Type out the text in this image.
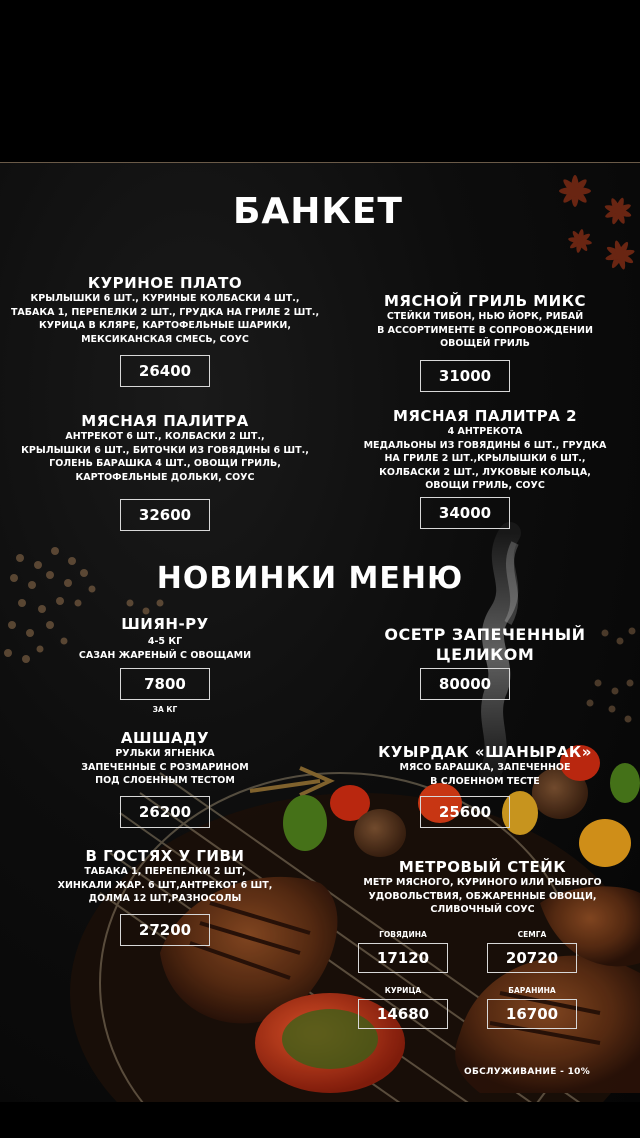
БАНКЕТ
КУРИНОЕ ПЛАТО
КРЫЛЫШКИ 6 ШТ., КУРИНЫЕ КОЛБАСКИ 4 ШТ.,
ТАБАКА 1, ПЕРЕПЕЛКИ 2 ШТ., ГРУДКА НА ГРИЛЕ 2 ШТ.,
КУРИЦА В КЛЯРЕ, КАРТОФЕЛЬНЫЕ ШАРИКИ,
МЕКСИКАНСКАЯ СМЕСЬ, СОУС
26400
МЯСНОЙ ГРИЛЬ МИКС
СТЕЙКИ ТИБОН, НЬЮ ЙОРК, РИБАЙ
В АССОРТИМЕНТЕ В СОПРОВОЖДЕНИИ
ОВОЩЕЙ ГРИЛЬ
31000
МЯСНАЯ ПАЛИТРА
АНТРЕКОТ 6 ШТ., КОЛБАСКИ 2 ШТ.,
КРЫЛЫШКИ 6 ШТ., БИТОЧКИ ИЗ ГОВЯДИНЫ 6 ШТ.,
ГОЛЕНЬ БАРАШКА 4 ШТ., ОВОЩИ ГРИЛЬ,
КАРТОФЕЛЬНЫЕ ДОЛЬКИ, СОУС
32600
МЯСНАЯ ПАЛИТРА 2
4 АНТРЕКОТА
МЕДАЛЬОНЫ ИЗ ГОВЯДИНЫ 6 ШТ., ГРУДКА
НА ГРИЛЕ 2 ШТ.,КРЫЛЫШКИ 6 ШТ.,
КОЛБАСКИ 2 ШТ., ЛУКОВЫЕ КОЛЬЦА,
ОВОЩИ ГРИЛЬ, СОУС
34000
НОВИНКИ МЕНЮ
ШИЯН-РУ
4-5 КГ
САЗАН ЖАРЕНЫЙ С ОВОЩАМИ
7800
ЗА КГ
ОСЕТР ЗАПЕЧЕННЫЙ
ЦЕЛИКОМ
80000
АШШАДУ
РУЛЬКИ ЯГНЕНКА
ЗАПЕЧЕННЫЕ С РОЗМАРИНОМ
ПОД СЛОЕННЫМ ТЕСТОМ
26200
КУЫРДАК «ШАНЫРАК»
МЯСО БАРАШКА, ЗАПЕЧЕННОЕ
В СЛОЕННОМ ТЕСТЕ
25600
В ГОСТЯХ У ГИВИ
ТАБАКА 1, ПЕРЕПЕЛКИ 2 ШТ,
ХИНКАЛИ ЖАР. 6 ШТ,АНТРЕКОТ 6 ШТ,
ДОЛМА 12 ШТ,РАЗНОСОЛЫ
27200
МЕТРОВЫЙ СТЕЙК
МЕТР МЯСНОГО, КУРИНОГО ИЛИ РЫБНОГО
УДОВОЛЬСТВИЯ, ОБЖАРЕННЫЕ ОВОЩИ,
СЛИВОЧНЫЙ СОУС
ГОВЯДИНА
17120
СЕМГА
20720
КУРИЦА
14680
БАРАНИНА
16700
ОБСЛУЖИВАНИЕ - 10%
